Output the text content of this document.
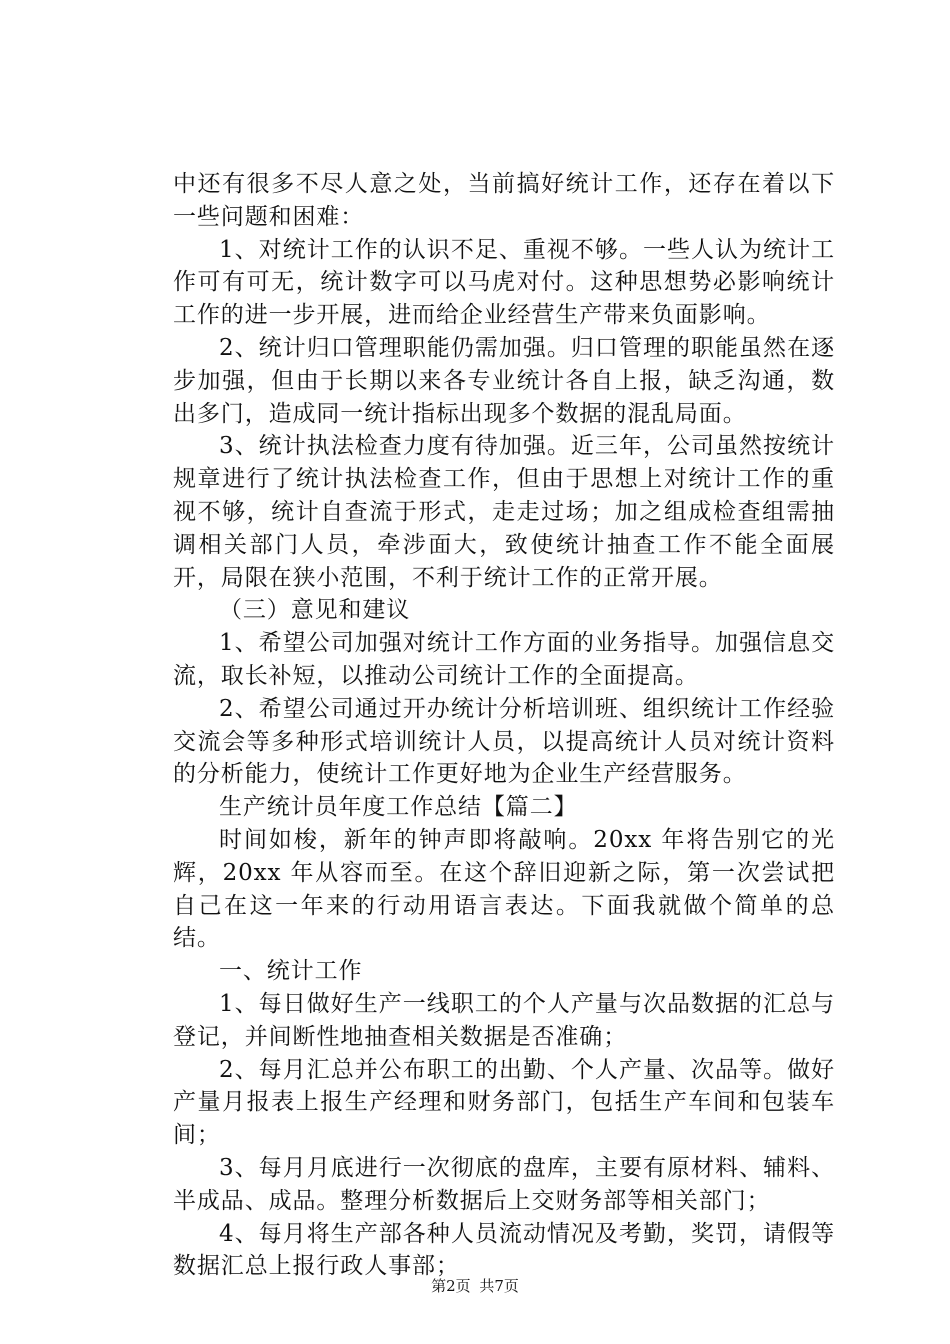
中还有很多不尽人意之处，当前搞好统计工作，还存在着以下一些问题和困难：

1、对统计工作的认识不足、重视不够。一些人认为统计工作可有可无，统计数字可以马虎对付。这种思想势必影响统计工作的进一步开展，进而给企业经营生产带来负面影响。

2、统计归口管理职能仍需加强。归口管理的职能虽然在逐步加强，但由于长期以来各专业统计各自上报，缺乏沟通，数出多门，造成同一统计指标出现多个数据的混乱局面。

3、统计执法检查力度有待加强。近三年，公司虽然按统计规章进行了统计执法检查工作，但由于思想上对统计工作的重视不够，统计自查流于形式，走走过场；加之组成检查组需抽调相关部门人员，牵涉面大，致使统计抽查工作不能全面展开，局限在狭小范围，不利于统计工作的正常开展。

（三）意见和建议

1、希望公司加强对统计工作方面的业务指导。加强信息交流，取长补短，以推动公司统计工作的全面提高。

2、希望公司通过开办统计分析培训班、组织统计工作经验交流会等多种形式培训统计人员，以提高统计人员对统计资料的分析能力，使统计工作更好地为企业生产经营服务。

生产统计员年度工作总结【篇二】

时间如梭，新年的钟声即将敲响。20xx 年将告别它的光辉，20xx 年从容而至。在这个辞旧迎新之际，第一次尝试把自己在这一年来的行动用语言表达。下面我就做个简单的总结。

一、统计工作

1、每日做好生产一线职工的个人产量与次品数据的汇总与登记，并间断性地抽查相关数据是否准确；

2、每月汇总并公布职工的出勤、个人产量、次品等。做好产量月报表上报生产经理和财务部门，包括生产车间和包装车间；

3、每月月底进行一次彻底的盘库，主要有原材料、辅料、半成品、成品。整理分析数据后上交财务部等相关部门；

4、每月将生产部各种人员流动情况及考勤，奖罚，请假等数据汇总上报行政人事部；

第2页 共7页
